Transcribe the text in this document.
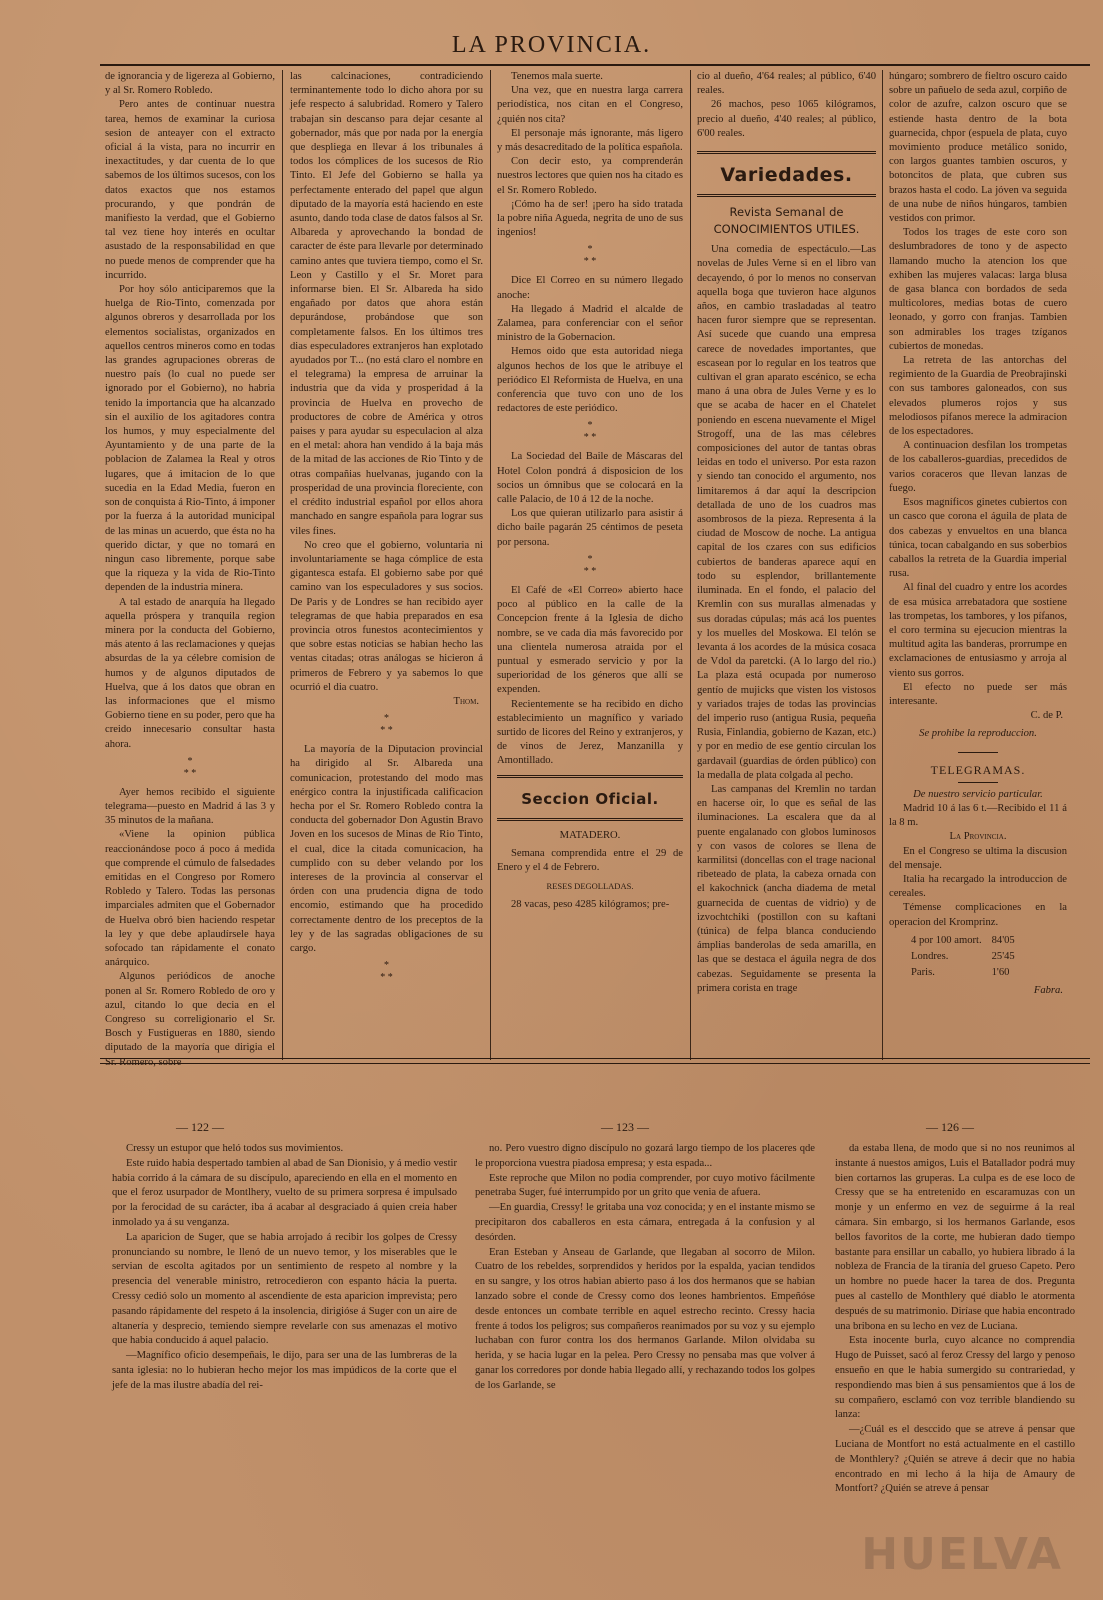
LA PROVINCIA.

de ignorancia y de ligereza al Gobierno, y al Sr. Romero Robledo.

Pero antes de continuar nuestra tarea, hemos de examinar la curiosa sesion de anteayer con el extracto oficial á la vista, para no incurrir en inexactitudes, y dar cuenta de lo que sabemos de los últimos sucesos, con los datos exactos que nos estamos procurando, y que pondrán de manifiesto la verdad, que el Gobierno tal vez tiene hoy interés en ocultar asustado de la responsabilidad en que no puede menos de comprender que ha incurrido.

Por hoy sólo anticiparemos que la huelga de Rio-Tinto, comenzada por algunos obreros y desarrollada por los elementos socialistas, organizados en aquellos centros mineros como en todas las grandes agrupaciones obreras de nuestro país (lo cual no puede ser ignorado por el Gobierno), no habria tenido la importancia que ha alcanzado sin el auxilio de los agitadores contra los humos, y muy especialmente del Ayuntamiento y de una parte de la poblacion de Zalamea la Real y otros lugares, que á imitacion de lo que sucedia en la Edad Media, fueron en son de conquista á Rio-Tinto, á imponer por la fuerza á la autoridad municipal de las minas un acuerdo, que ésta no ha querido dictar, y que no tomará en ningun caso libremente, porque sabe que la riqueza y la vida de Rio-Tinto dependen de la industria minera.

A tal estado de anarquía ha llegado aquella próspera y tranquila region minera por la conducta del Gobierno, más atento á las reclamaciones y quejas absurdas de la ya célebre comision de humos y de algunos diputados de Huelva, que á los datos que obran en las informaciones que el mismo Gobierno tiene en su poder, pero que ha creido innecesario consultar hasta ahora.

*
* *

Ayer hemos recibido el siguiente telegrama—puesto en Madrid á las 3 y 35 minutos de la mañana.

«Viene la opinion pública reaccionándose poco á poco á medida que comprende el cúmulo de falsedades emitidas en el Congreso por Romero Robledo y Talero. Todas las personas imparciales admiten que el Gobernador de Huelva obró bien haciendo respetar la ley y que debe aplaudírsele haya sofocado tan rápidamente el conato anárquico.

Algunos periódicos de anoche ponen al Sr. Romero Robledo de oro y azul, citando lo que decia en el Congreso su correligionario el Sr. Bosch y Fustigueras en 1880, siendo diputado de la mayoría que dirigia el

las calcinaciones, contradiciendo terminantemente todo lo dicho ahora por su jefe respecto á salubridad. Romero y Talero trabajan sin descanso para dejar cesante al gobernador, más que por nada por la energía que despliega en llevar á los tribunales á todos los cómplices de los sucesos de Rio Tinto. El Jefe del Gobierno se halla ya perfectamente enterado del papel que algun diputado de la mayoría está haciendo en este asunto, dando toda clase de datos falsos al Sr. Albareda y aprovechando la bondad de caracter de éste para llevarle por determinado camino antes que tuviera tiempo, como el Sr. Leon y Castillo y el Sr. Moret para informarse bien. El Sr. Albareda ha sido engañado por datos que ahora están depurándose, probándose que son completamente falsos. En los últimos tres dias especuladores extranjeros han explotado ayudados por T... (no está claro el nombre en el telegrama) la empresa de arruinar la industria que da vida y prosperidad á la provincia de Huelva en provecho de productores de cobre de América y otros paises y para ayudar su especulacion al alza en el metal: ahora han vendido á la baja más de la mitad de las acciones de Rio Tinto y de otras compañias huelvanas, jugando con la prosperidad de una provincia floreciente, con el crédito industrial español por ellos ahora manchado en sangre española para lograr sus viles fines.

No creo que el gobierno, voluntaria ni involuntariamente se haga cómplice de esta gigantesca estafa. El gobierno sabe por qué camino van los especuladores y sus socios. De Paris y de Londres se han recibido ayer telegramas de que habia preparados en esa provincia otros funestos acontecimientos y que sobre estas noticias se habian hecho las ventas citadas; otras análogas se hicieron á primeros de Febrero y ya sabemos lo que ocurrió el dia cuatro.

Thom.
*
* *

La mayoría de la Diputacion provincial ha dirigido al Sr. Albareda una comunicacion, protestando del modo mas enérgico contra la injustificada calificacion hecha por el Sr. Romero Robledo contra la conducta del gobernador Don Agustin Bravo Joven en los sucesos de Minas de Rio Tinto, el cual, dice la citada comunicacion, ha cumplido con su deber velando por los intereses de la provincia al conservar el órden con una prudencia digna de todo encomio, estimando que ha procedido correctamente dentro de los preceptos de la ley y de las sagradas obligaciones de su cargo.

*
* *

Tenemos mala suerte.

Una vez, que en nuestra larga carrera periodística, nos citan en el Congreso, ¿quién nos cita?

El personaje más ignorante, más ligero y más desacreditado de la política española.

Con decir esto, ya comprenderán nuestros lectores que quien nos ha citado es el Sr. Romero Robledo.

¡Cómo ha de ser! ¡pero ha sido tratada la pobre niña Agueda, negrita de uno de sus ingenios!

*
* *

Dice El Correo en su número llegado anoche:

Ha llegado á Madrid el alcalde de Zalamea, para conferenciar con el señor ministro de la Gobernacion.

Hemos oido que esta autoridad niega algunos hechos de los que le atribuye el periódico El Reformista de Huelva, en una conferencia que tuvo con uno de los redactores de este periódico.

*
* *

La Sociedad del Baile de Máscaras del Hotel Colon pondrá á disposicion de los socios un ómnibus que se colocará en la calle Palacio, de 10 á 12 de la noche.

Los que quieran utilizarlo para asistir á dicho baile pagarán 25 céntimos de peseta por persona.

*
* *

El Café de «El Correo» abierto hace poco al público en la calle de la Concepcion frente á la Iglesia de dicho nombre, se ve cada dia más favorecido por una clientela numerosa atraida por el puntual y esmerado servicio y por la superioridad de los géneros que allí se expenden.

Recientemente se ha recibido en dicho establecimiento un magnífico y variado surtido de licores del Reino y extranjeros, y de vinos de Jerez, Manzanilla y Amontillado.

Seccion Oficial.
MATADERO.

Semana comprendida entre el 29 de Enero y el 4 de Febrero.

RESES DEGOLLADAS.

28 vacas, peso 4285 kilógramos; pre-

cio al dueño, 4'64 reales; al público, 6'40 reales.

26 machos, peso 1065 kilógramos, precio al dueño, 4'40 reales; al público, 6'00 reales.

Variedades.
Revista Semanal de
CONOCIMIENTOS UTILES.

Una comedia de espectáculo.—Las novelas de Jules Verne si en el libro van decayendo, ó por lo menos no conservan aquella boga que tuvieron hace algunos años, en cambio trasladadas al teatro hacen furor siempre que se representan. Así sucede que cuando una empresa carece de novedades importantes, que escasean por lo regular en los teatros que cultivan el gran aparato escénico, se echa mano á una obra de Jules Verne y es lo que se acaba de hacer en el Chatelet poniendo en escena nuevamente el Migel Strogoff, una de las mas célebres composiciones del autor de tantas obras leidas en todo el universo. Por esta razon y siendo tan conocido el argumento, nos limitaremos á dar aquí la descripcion detallada de uno de los cuadros mas asombrosos de la pieza. Representa á la ciudad de Moscow de noche. La antigua capital de los czares con sus edificios cubiertos de banderas aparece aquí en todo su esplendor, brillantemente iluminada. En el fondo, el palacio del Kremlin con sus murallas almenadas y sus doradas cúpulas; más acá los puentes y los muelles del Moskowa. El telón se levanta á los acordes de la música cosaca de Vdol da paretcki. (A lo largo del rio.) La plaza está ocupada por numeroso gentío de mujicks que visten los vistosos y variados trajes de todas las provincias del imperio ruso (antigua Rusia, pequeña Rusia, Finlandia, gobierno de Kazan, etc.) y por en medio de ese gentío circulan los gardavail (guardias de órden público) con la medalla de plata colgada al pecho.

Las campanas del Kremlin no tardan en hacerse oir, lo que es señal de las iluminaciones. La escalera que da al puente engalanado con globos luminosos y con vasos de colores se llena de karmilitsi (doncellas con el trage nacional ribeteado de plata, la cabeza ornada con el kakochnick (ancha diadema de metal guarnecida de cuentas de vidrio) y de izvochtchiki (postillon con su kaftani (túnica) de felpa blanca conduciendo ámplias banderolas de seda amarilla, en las que se destaca el águila negra de dos cabezas. Seguidamente se presenta la primera corista en trage

húngaro; sombrero de fieltro oscuro caido sobre un pañuelo de seda azul, corpiño de color de azufre, calzon oscuro que se estiende hasta dentro de la bota guarnecida, chpor (espuela de plata, cuyo movimiento produce metálico sonido, con largos guantes tambien oscuros, y botoncitos de plata, que cubren sus brazos hasta el codo. La jóven va seguida de una nube de niños húngaros, tambien vestidos con primor.

Todos los trages de este coro son deslumbradores de tono y de aspecto llamando mucho la atencion los que exhiben las mujeres valacas: larga blusa de gasa blanca con bordados de seda multicolores, medias botas de cuero leonado, y gorro con franjas. Tambien son admirables los trages tzíganos cubiertos de monedas.

La retreta de las antorchas del regimiento de la Guardia de Preobrajinski con sus tambores galoneados, con sus elevados plumeros rojos y sus melodiosos pífanos merece la admiracion de los espectadores.

A continuacion desfilan los trompetas de los caballeros-guardias, precedidos de varios coraceros que llevan lanzas de fuego.

Esos magníficos ginetes cubiertos con un casco que corona el águila de plata de dos cabezas y envueltos en una blanca túnica, tocan cabalgando en sus soberbios caballos la retreta de la Guardia imperial rusa.

Al final del cuadro y entre los acordes de esa música arrebatadora que sostiene las trompetas, los tambores, y los pífanos, el coro termina su ejecucion mientras la multitud agita las banderas, prorrumpe en exclamaciones de entusiasmo y arroja al viento sus gorros.

El efecto no puede ser más interesante.

C. de P.
Se prohibe la reproduccion.
TELEGRAMAS.
De nuestro servicio particular.

Madrid 10 á las 6 t.—Recibido el 11 á la 8 m.

La Provincia.

En el Congreso se ultima la discusion del mensaje.

Italia ha recargado la introduccion de cereales.

Témense complicaciones en la operacion del Kromprinz.

4 por 100 amort.	84'05
Londres.	25'45
Paris.	1'60
Fabra.
— 122 —	— 123 —	— 126 —

Cressy un estupor que heló todos sus movimientos.

Este ruido habia despertado tambien al abad de San Dionisio, y á medio vestir habia corrido á la cámara de su discípulo, apareciendo en ella en el momento en que el feroz usurpador de Montlhery, vuelto de su primera sorpresa é impulsado por la ferocidad de su carácter, iba á acabar al desgraciado á quien creia haber inmolado ya á su venganza.

La aparicion de Suger, que se habia arrojado á recibir los golpes de Cressy pronunciando su nombre, le llenó de un nuevo temor, y los miserables que le servian de escolta agitados por un sentimiento de respeto al nombre y la presencia del venerable ministro, retrocedieron con espanto hácia la puerta. Cressy cedió solo un momento al ascendiente de esta aparicion imprevista; pero pasando rápidamente del respeto á la insolencia, dirigióse á Suger con un aire de altanería y desprecio, temiendo siempre revelarle con sus amenazas el motivo que habia conducido á aquel palacio.

—Magnífico oficio desempeñais, le dijo, para ser una de las lumbreras de la santa iglesia: no lo hubieran hecho mejor los mas impúdicos de la corte que el jefe de la mas ilustre abadía del rei-

no. Pero vuestro digno discípulo no gozará largo tiempo de los placeres qde le proporciona vuestra piadosa empresa; y esta espada...

Este reproche que Milon no podia comprender, por cuyo motivo fácilmente penetraba Suger, fué interrumpido por un grito que venia de afuera.

—En guardia, Cressy! le gritaba una voz conocida; y en el instante mismo se precipitaron dos caballeros en esta cámara, entregada á la confusion y al desórden.

Eran Esteban y Anseau de Garlande, que llegaban al socorro de Milon. Cuatro de los rebeldes, sorprendidos y heridos por la espalda, yacian tendidos en su sangre, y los otros habian abierto paso á los dos hermanos que se habian lanzado sobre el conde de Cressy como dos leones hambrientos. Empeñóse desde entonces un combate terrible en aquel estrecho recinto. Cressy hacia frente á todos los peligros; sus compañeros reanimados por su voz y su ejemplo luchaban con furor contra los dos hermanos Garlande. Milon olvidaba su herida, y se hacia lugar en la pelea. Pero Cressy no pensaba mas que volver á ganar los corredores por donde habia llegado allí, y rechazando todos los golpes de los Garlande, se

da estaba llena, de modo que si no nos reunimos al instante á nuestos amigos, Luis el Batallador podrá muy bien cortarnos las gruperas. La culpa es de ese loco de Cressy que se ha entretenido en escaramuzas con un monje y un enfermo en vez de seguirme á la real cámara. Sin embargo, si los hermanos Garlande, esos bellos favoritos de la corte, me hubieran dado tiempo bastante para ensillar un caballo, yo hubiera librado á la nobleza de Francia de la tiranía del grueso Capeto. Pero un hombre no puede hacer la tarea de dos. Pregunta pues al castello de Monthlery qué diablo le atormenta después de su matrimonio. Diríase que habia encontrado una bribona en su lecho en vez de Luciana.

Esta inocente burla, cuyo alcance no comprendia Hugo de Puisset, sacó al feroz Cressy del largo y penoso ensueño en que le habia sumergido su contrariedad, y respondiendo mas bien á sus pensamientos que á los de su compañero, esclamó con voz terrible blandiendo su lanza:

—¿Cuál es el desccido que se atreve á pensar que Luciana de Montfort no está actualmente en el castillo de Monthlery? ¿Quién se atreve á decir que no habia encontrado en mi lecho á la hija de Amaury de Montfort? ¿Quién se atreve á pensar

HUELVA
